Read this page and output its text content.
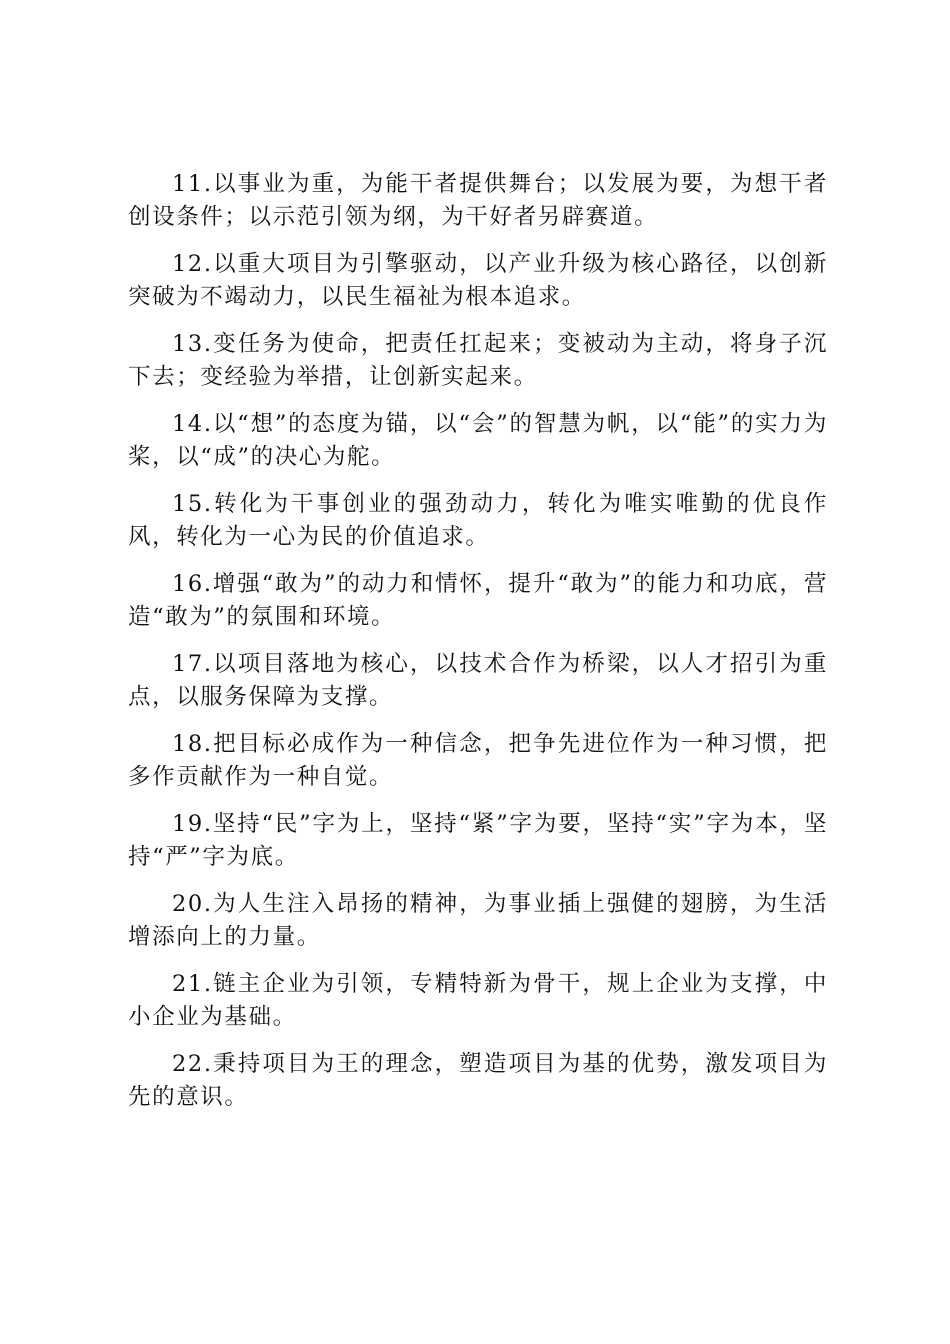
11.以事业为重，为能干者提供舞台；以发展为要，为想干者创设条件；以示范引领为纲，为干好者另辟赛道。

12.以重大项目为引擎驱动，以产业升级为核心路径，以创新突破为不竭动力，以民生福祉为根本追求。

13.变任务为使命，把责任扛起来；变被动为主动，将身子沉下去；变经验为举措，让创新实起来。

14.以“想”的态度为锚，以“会”的智慧为帆，以“能”的实力为桨，以“成”的决心为舵。

15.转化为干事创业的强劲动力，转化为唯实唯勤的优良作风，转化为一心为民的价值追求。

16.增强“敢为”的动力和情怀，提升“敢为”的能力和功底，营造“敢为”的氛围和环境。

17.以项目落地为核心，以技术合作为桥梁，以人才招引为重点，以服务保障为支撑。

18.把目标必成作为一种信念，把争先进位作为一种习惯，把多作贡献作为一种自觉。

19.坚持“民”字为上，坚持“紧”字为要，坚持“实”字为本，坚持“严”字为底。

20.为人生注入昂扬的精神，为事业插上强健的翅膀，为生活增添向上的力量。

21.链主企业为引领，专精特新为骨干，规上企业为支撑，中小企业为基础。

22.秉持项目为王的理念，塑造项目为基的优势，激发项目为先的意识。
